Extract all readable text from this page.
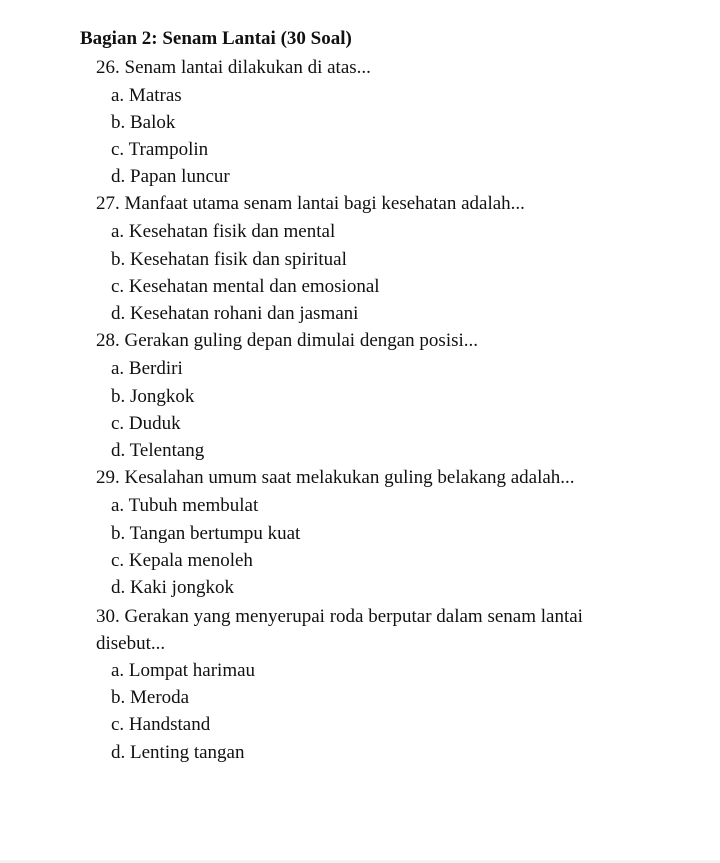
Bagian 2: Senam Lantai (30 Soal)
26. Senam lantai dilakukan di atas...
a. Matras
b. Balok
c. Trampolin
d. Papan luncur
27. Manfaat utama senam lantai bagi kesehatan adalah...
a. Kesehatan fisik dan mental
b. Kesehatan fisik dan spiritual
c. Kesehatan mental dan emosional
d. Kesehatan rohani dan jasmani
28. Gerakan guling depan dimulai dengan posisi...
a. Berdiri
b. Jongkok
c. Duduk
d. Telentang
29. Kesalahan umum saat melakukan guling belakang adalah...
a. Tubuh membulat
b. Tangan bertumpu kuat
c. Kepala menoleh
d. Kaki jongkok
30. Gerakan yang menyerupai roda berputar dalam senam lantai disebut...
a. Lompat harimau
b. Meroda
c. Handstand
d. Lenting tangan
